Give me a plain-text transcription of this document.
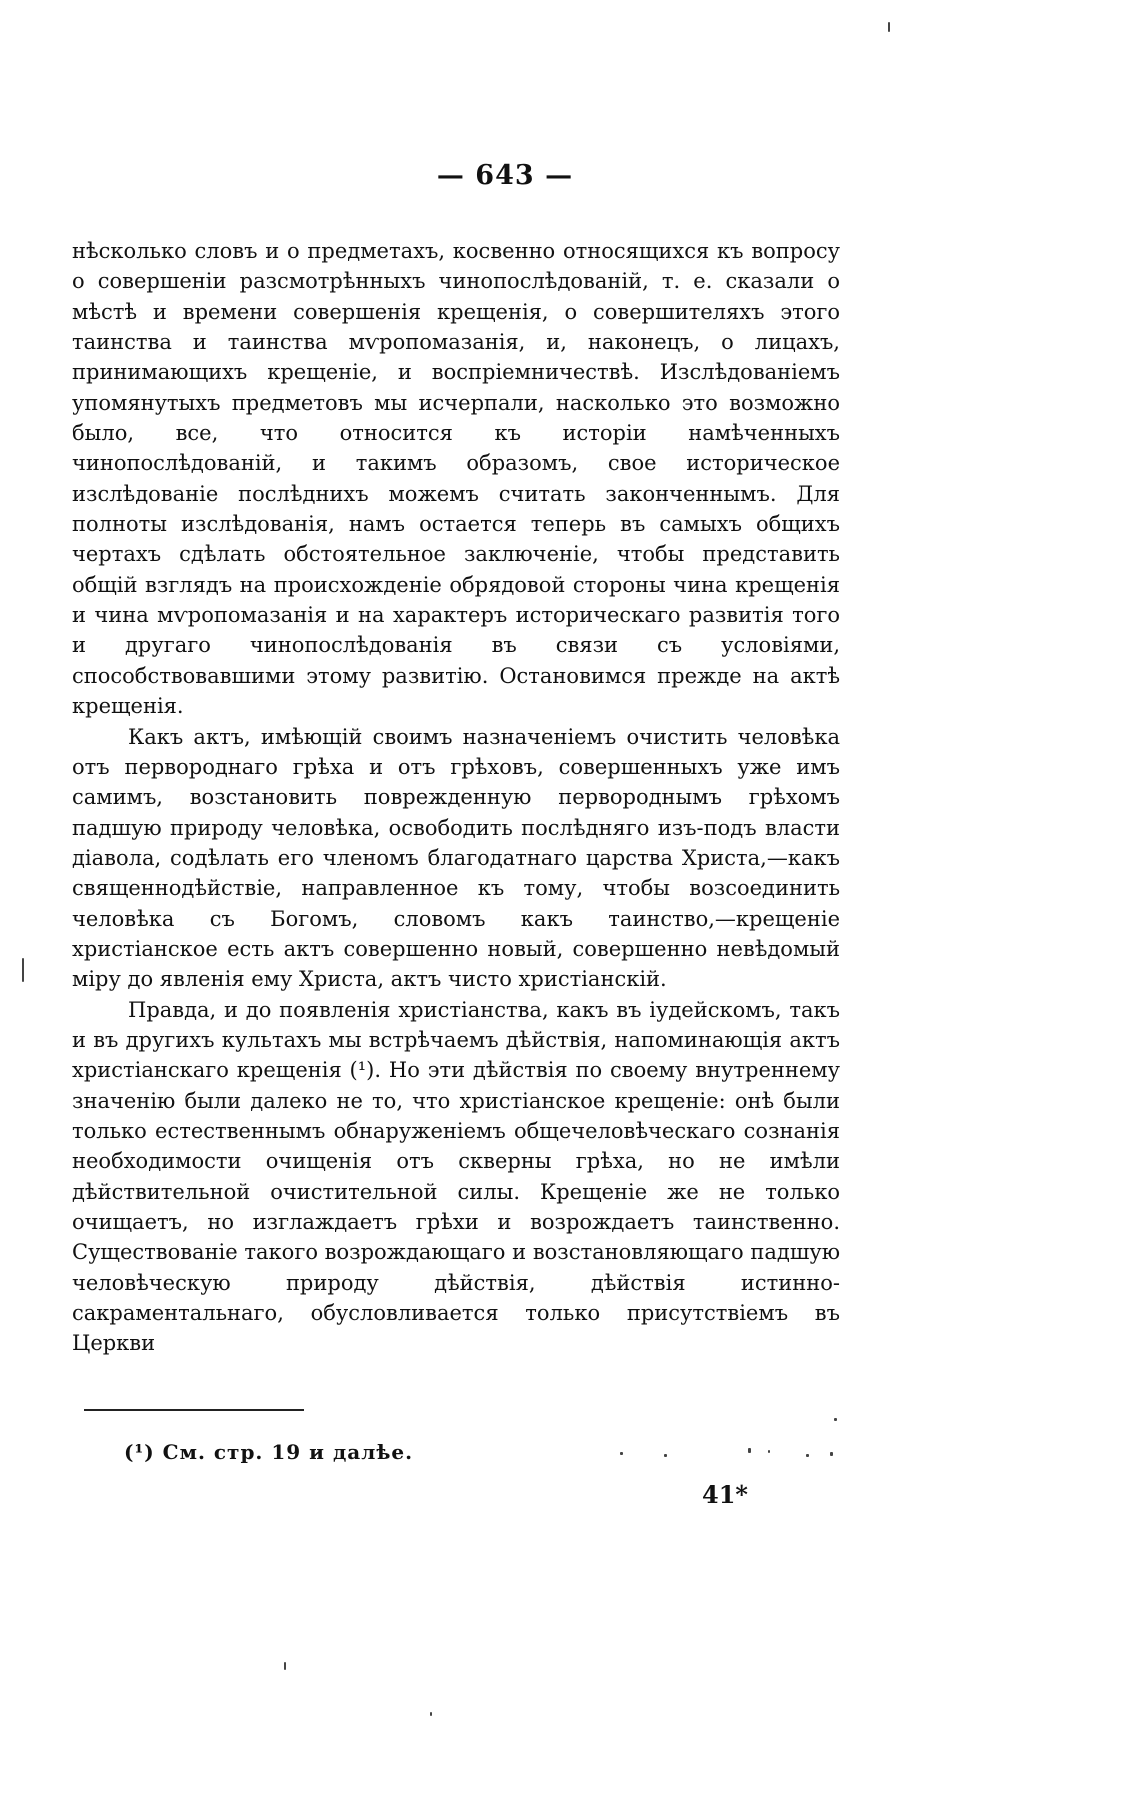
— 643 —

нѣсколько словъ и о предметахъ, косвенно относящихся къ вопросу о совершеніи разсмотрѣнныхъ чинопослѣдованій, т. е. сказали о мѣстѣ и времени совершенія крещенія, о совершителяхъ этого таинства и таинства мѵропомазанія, и, наконецъ, о лицахъ, принимающихъ крещеніе, и воспріемничествѣ. Изслѣдованіемъ упомянутыхъ предметовъ мы исчерпали, насколько это возможно было, все, что относится къ исторіи намѣченныхъ чинопослѣдованій, и такимъ образомъ, свое историческое изслѣдованіе послѣднихъ можемъ считать законченнымъ. Для полноты изслѣдованія, намъ остается теперь въ самыхъ общихъ чертахъ сдѣлать обстоятельное заключеніе, чтобы представить общій взглядъ на происхожденіе обрядовой стороны чина крещенія и чина мѵропомазанія и на характеръ историческаго развитія того и другаго чинопослѣдованія въ связи съ условіями, способствовавшими этому развитію. Остановимся прежде на актѣ крещенія.

Какъ актъ, имѣющій своимъ назначеніемъ очистить человѣка отъ первороднаго грѣха и отъ грѣховъ, совершенныхъ уже имъ самимъ, возстановить поврежденную первороднымъ грѣхомъ падшую природу человѣка, освободить послѣдняго изъ-подъ власти діавола, содѣлать его членомъ благодатнаго царства Христа,—какъ священнодѣйствіе, направленное къ тому, чтобы возсоединить человѣка съ Богомъ, словомъ какъ таинство,—крещеніе христіанское есть актъ совершенно новый, совершенно невѣдомый міру до явленія ему Христа, актъ чисто христіанскій.

Правда, и до появленія христіанства, какъ въ іудейскомъ, такъ и въ другихъ культахъ мы встрѣчаемъ дѣйствія, напоминающія актъ христіанскаго крещенія (¹). Но эти дѣйствія по своему внутреннему значенію были далеко не то, что христіанское крещеніе: онѣ были только естественнымъ обнаруженіемъ общечеловѣческаго сознанія необходимости очищенія отъ скверны грѣха, но не имѣли дѣйствительной очистительной силы. Крещеніе же не только очищаетъ, но изглаждаетъ грѣхи и возрождаетъ таинственно. Существованіе такого возрождающаго и возстановляющаго падшую человѣческую природу дѣйствія, дѣйствія истинно-сакраментальнаго, обусловливается только присутствіемъ въ Церкви

(¹) См. стр. 19 и далѣе.
41*
